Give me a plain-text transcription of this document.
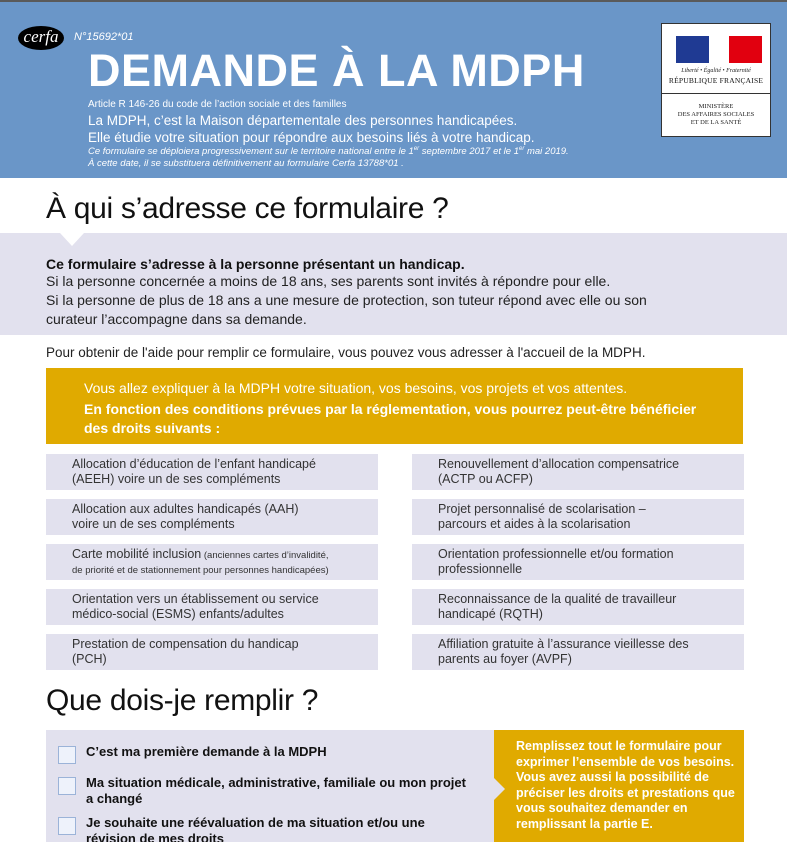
cerfa	N°15692*01
DEMANDE À LA MDPH
Article R 146-26 du code de l’action sociale et des familles
La MDPH, c’est la Maison départementale des personnes handicapées.
Elle étudie votre situation pour répondre aux besoins liés à votre handicap.
Ce formulaire se déploiera progressivement sur le territoire national entre le 1er septembre 2017 et le 1er mai 2019.
À cette date, il se substituera définitivement au formulaire Cerfa 13788*01 .
Liberté • Égalité • Fraternité
RÉPUBLIQUE FRANÇAISE
MINISTÈRE
DES AFFAIRES SOCIALES
ET DE LA SANTÉ
À qui s’adresse ce formulaire ?
Ce formulaire s’adresse à la personne présentant un handicap.
Si la personne concernée a moins de 18 ans, ses parents sont invités à répondre pour elle.
Si la personne de plus de 18 ans a une mesure de protection, son tuteur répond avec elle ou son
curateur l’accompagne dans sa demande.
Pour obtenir de l'aide pour remplir ce formulaire, vous pouvez vous adresser à l'accueil de la MDPH.
Vous allez expliquer à la MDPH votre situation, vos besoins, vos projets et vos attentes.
En fonction des conditions prévues par la réglementation, vous pourrez peut-être bénéficier des droits suivants :
Allocation d’éducation de l’enfant handicapé
(AEEH) voire un de ses compléments
Allocation aux adultes handicapés (AAH)
voire un de ses compléments
Carte mobilité inclusion (anciennes cartes d’invalidité,
de priorité et de stationnement pour personnes handicapées)
Orientation vers un établissement ou service
médico-social (ESMS) enfants/adultes
Prestation de compensation du handicap
(PCH)
Renouvellement d’allocation compensatrice
(ACTP ou ACFP)
Projet personnalisé de scolarisation –
parcours et aides à la scolarisation
Orientation professionnelle et/ou formation
professionnelle
Reconnaissance de la qualité de travailleur
handicapé (RQTH)
Affiliation gratuite à l’assurance vieillesse des
parents au foyer (AVPF)
Que dois-je remplir ?
C’est ma première demande à la MDPH
Ma situation médicale, administrative, familiale ou mon projet a changé
Je souhaite une réévaluation de ma situation et/ou une révision de mes droits
Remplissez tout le formulaire pour exprimer l’ensemble de vos besoins. Vous avez aussi la possibilité de préciser les droits et prestations que vous souhaitez demander en remplissant la partie E.
